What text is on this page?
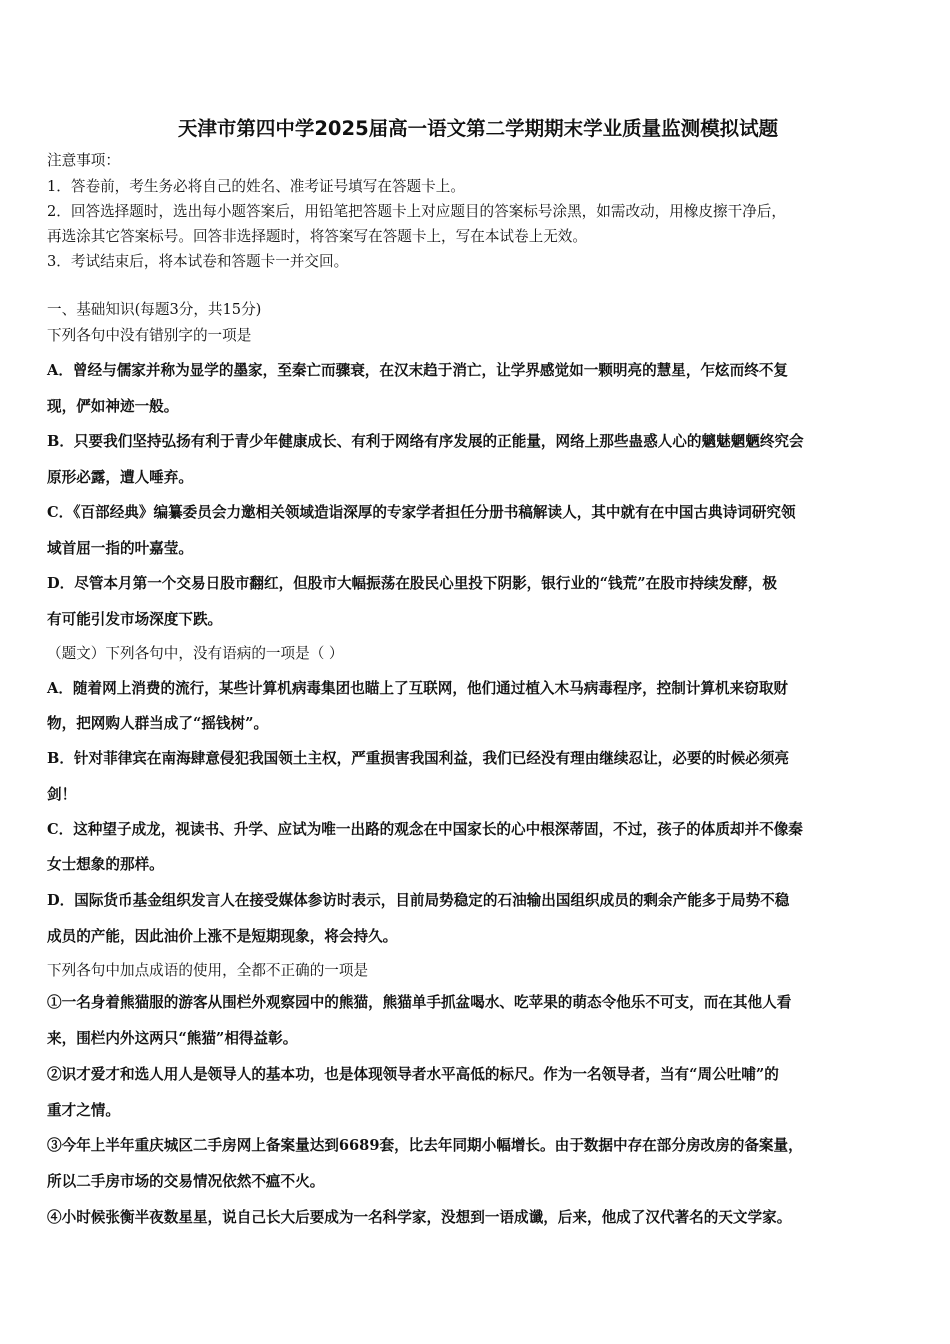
天津市第四中学2025届高一语文第二学期期末学业质量监测模拟试题
注意事项：
1．答卷前，考生务必将自己的姓名、准考证号填写在答题卡上。
2．回答选择题时，选出每小题答案后，用铅笔把答题卡上对应题目的答案标号涂黑，如需改动，用橡皮擦干净后，
再选涂其它答案标号。回答非选择题时，将答案写在答题卡上，写在本试卷上无效。
3．考试结束后，将本试卷和答题卡一并交回。
一、基础知识(每题3分，共15分)
下列各句中没有错别字的一项是
A．曾经与儒家并称为显学的墨家，至秦亡而骤衰，在汉末趋于消亡，让学界感觉如一颗明亮的慧星，乍炫而终不复
现，俨如神迹一般。
B．只要我们坚持弘扬有利于青少年健康成长、有利于网络有序发展的正能量，网络上那些蛊惑人心的魑魅魍魉终究会
原形必露，遭人唾弃。
C．《百部经典》编纂委员会力邀相关领域造诣深厚的专家学者担任分册书稿解读人，其中就有在中国古典诗词研究领
域首屈一指的叶嘉莹。
D．尽管本月第一个交易日股市翻红，但股市大幅振荡在股民心里投下阴影，银行业的“钱荒”在股市持续发酵，极
有可能引发市场深度下跌。
（题文）下列各句中，没有语病的一项是（ ）
A．随着网上消费的流行，某些计算机病毒集团也瞄上了互联网，他们通过植入木马病毒程序，控制计算机来窃取财
物，把网购人群当成了“摇钱树”。
B．针对菲律宾在南海肆意侵犯我国领土主权，严重损害我国利益，我们已经没有理由继续忍让，必要的时候必须亮
剑！
C．这种望子成龙，视读书、升学、应试为唯一出路的观念在中国家长的心中根深蒂固，不过，孩子的体质却并不像秦
女士想象的那样。
D．国际货币基金组织发言人在接受媒体参访时表示，目前局势稳定的石油输出国组织成员的剩余产能多于局势不稳
成员的产能，因此油价上涨不是短期现象，将会持久。
下列各句中加点成语的使用，全都不正确的一项是
①一名身着熊猫服的游客从围栏外观察园中的熊猫，熊猫单手抓盆喝水、吃苹果的萌态令他乐不可支，而在其他人看
来，围栏内外这两只“熊猫”相得益彰。
②识才爱才和选人用人是领导人的基本功，也是体现领导者水平高低的标尺。作为一名领导者，当有“周公吐哺”的
重才之情。
③今年上半年重庆城区二手房网上备案量达到6689套，比去年同期小幅增长。由于数据中存在部分房改房的备案量，
所以二手房市场的交易情况依然不瘟不火。
④小时候张衡半夜数星星，说自己长大后要成为一名科学家，没想到一语成谶，后来，他成了汉代著名的天文学家。
